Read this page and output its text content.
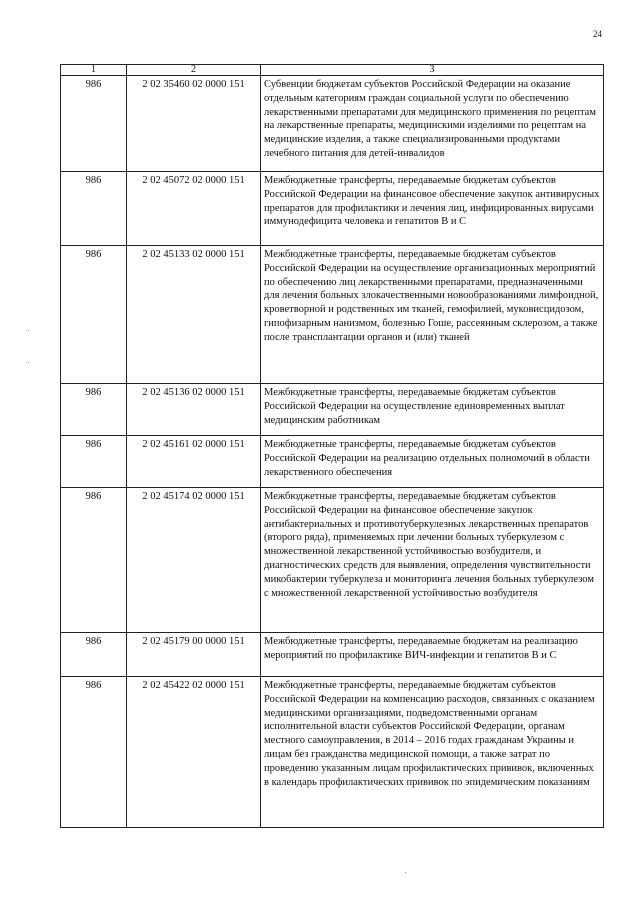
24
1	2	3
986	2 02 35460 02 0000 151	Субвенции бюджетам субъектов Российской Федерации на оказание отдельным категориям граждан социальной услуги по обеспечению лекарственными препаратами для медицинского применения по рецептам на лекарственные препараты, медицинскими изделиями по рецептам на медицинские изделия, а также специализированными продуктами лечебного питания для детей-инвалидов
986	2 02 45072 02 0000 151	Межбюджетные трансферты, передаваемые бюджетам субъектов Российской Федерации на финансовое обеспечение закупок антивирусных препаратов для профилактики и лечения лиц, инфицированных вирусами иммунодефицита человека и гепатитов В и С
986	2 02 45133 02 0000 151	Межбюджетные трансферты, передаваемые бюджетам субъектов Российской Федерации на осуществление организационных мероприятий по обеспечению лиц лекарственными препаратами, предназначенными для лечения больных злокачественными новообразованиями лимфоидной, кроветворной и родственных им тканей, гемофилией, муковисцидозом, гипофизарным нанизмом, болезнью Гоше, рассеянным склерозом, а также после трансплантации органов и (или) тканей
986	2 02 45136 02 0000 151	Межбюджетные трансферты, передаваемые бюджетам субъектов Российской Федерации на осуществление единовременных выплат медицинским работникам
986	2 02 45161 02 0000 151	Межбюджетные трансферты, передаваемые бюджетам субъектов Российской Федерации на реализацию отдельных полномочий в области лекарственного обеспечения
986	2 02 45174 02 0000 151	Межбюджетные трансферты, передаваемые бюджетам субъектов Российской Федерации на финансовое обеспечение закупок антибактериальных и противотуберкулезных лекарственных препаратов (второго ряда), применяемых при лечении больных туберкулезом с множественной лекарственной устойчивостью возбудителя, и диагностических средств для выявления, определения чувствительности микобактерии туберкулеза и мониторинга лечения больных туберкулезом с множественной лекарственной устойчивостью возбудителя
986	2 02 45179 00 0000 151	Межбюджетные трансферты, передаваемые бюджетам на реализацию мероприятий по профилактике ВИЧ-инфекции и гепатитов В и С
986	2 02 45422 02 0000 151	Межбюджетные трансферты, передаваемые бюджетам субъектов Российской Федерации на компенсацию расходов, связанных с оказанием медицинскими организациями, подведомственными органам исполнительной власти субъектов Российской Федерации, органам местного самоуправления, в 2014 – 2016 годах гражданам Украины и лицам без гражданства медицинской помощи, а также затрат по проведению указанным лицам профилактических прививок, включенных в календарь профилактических прививок по эпидемическим показаниям
